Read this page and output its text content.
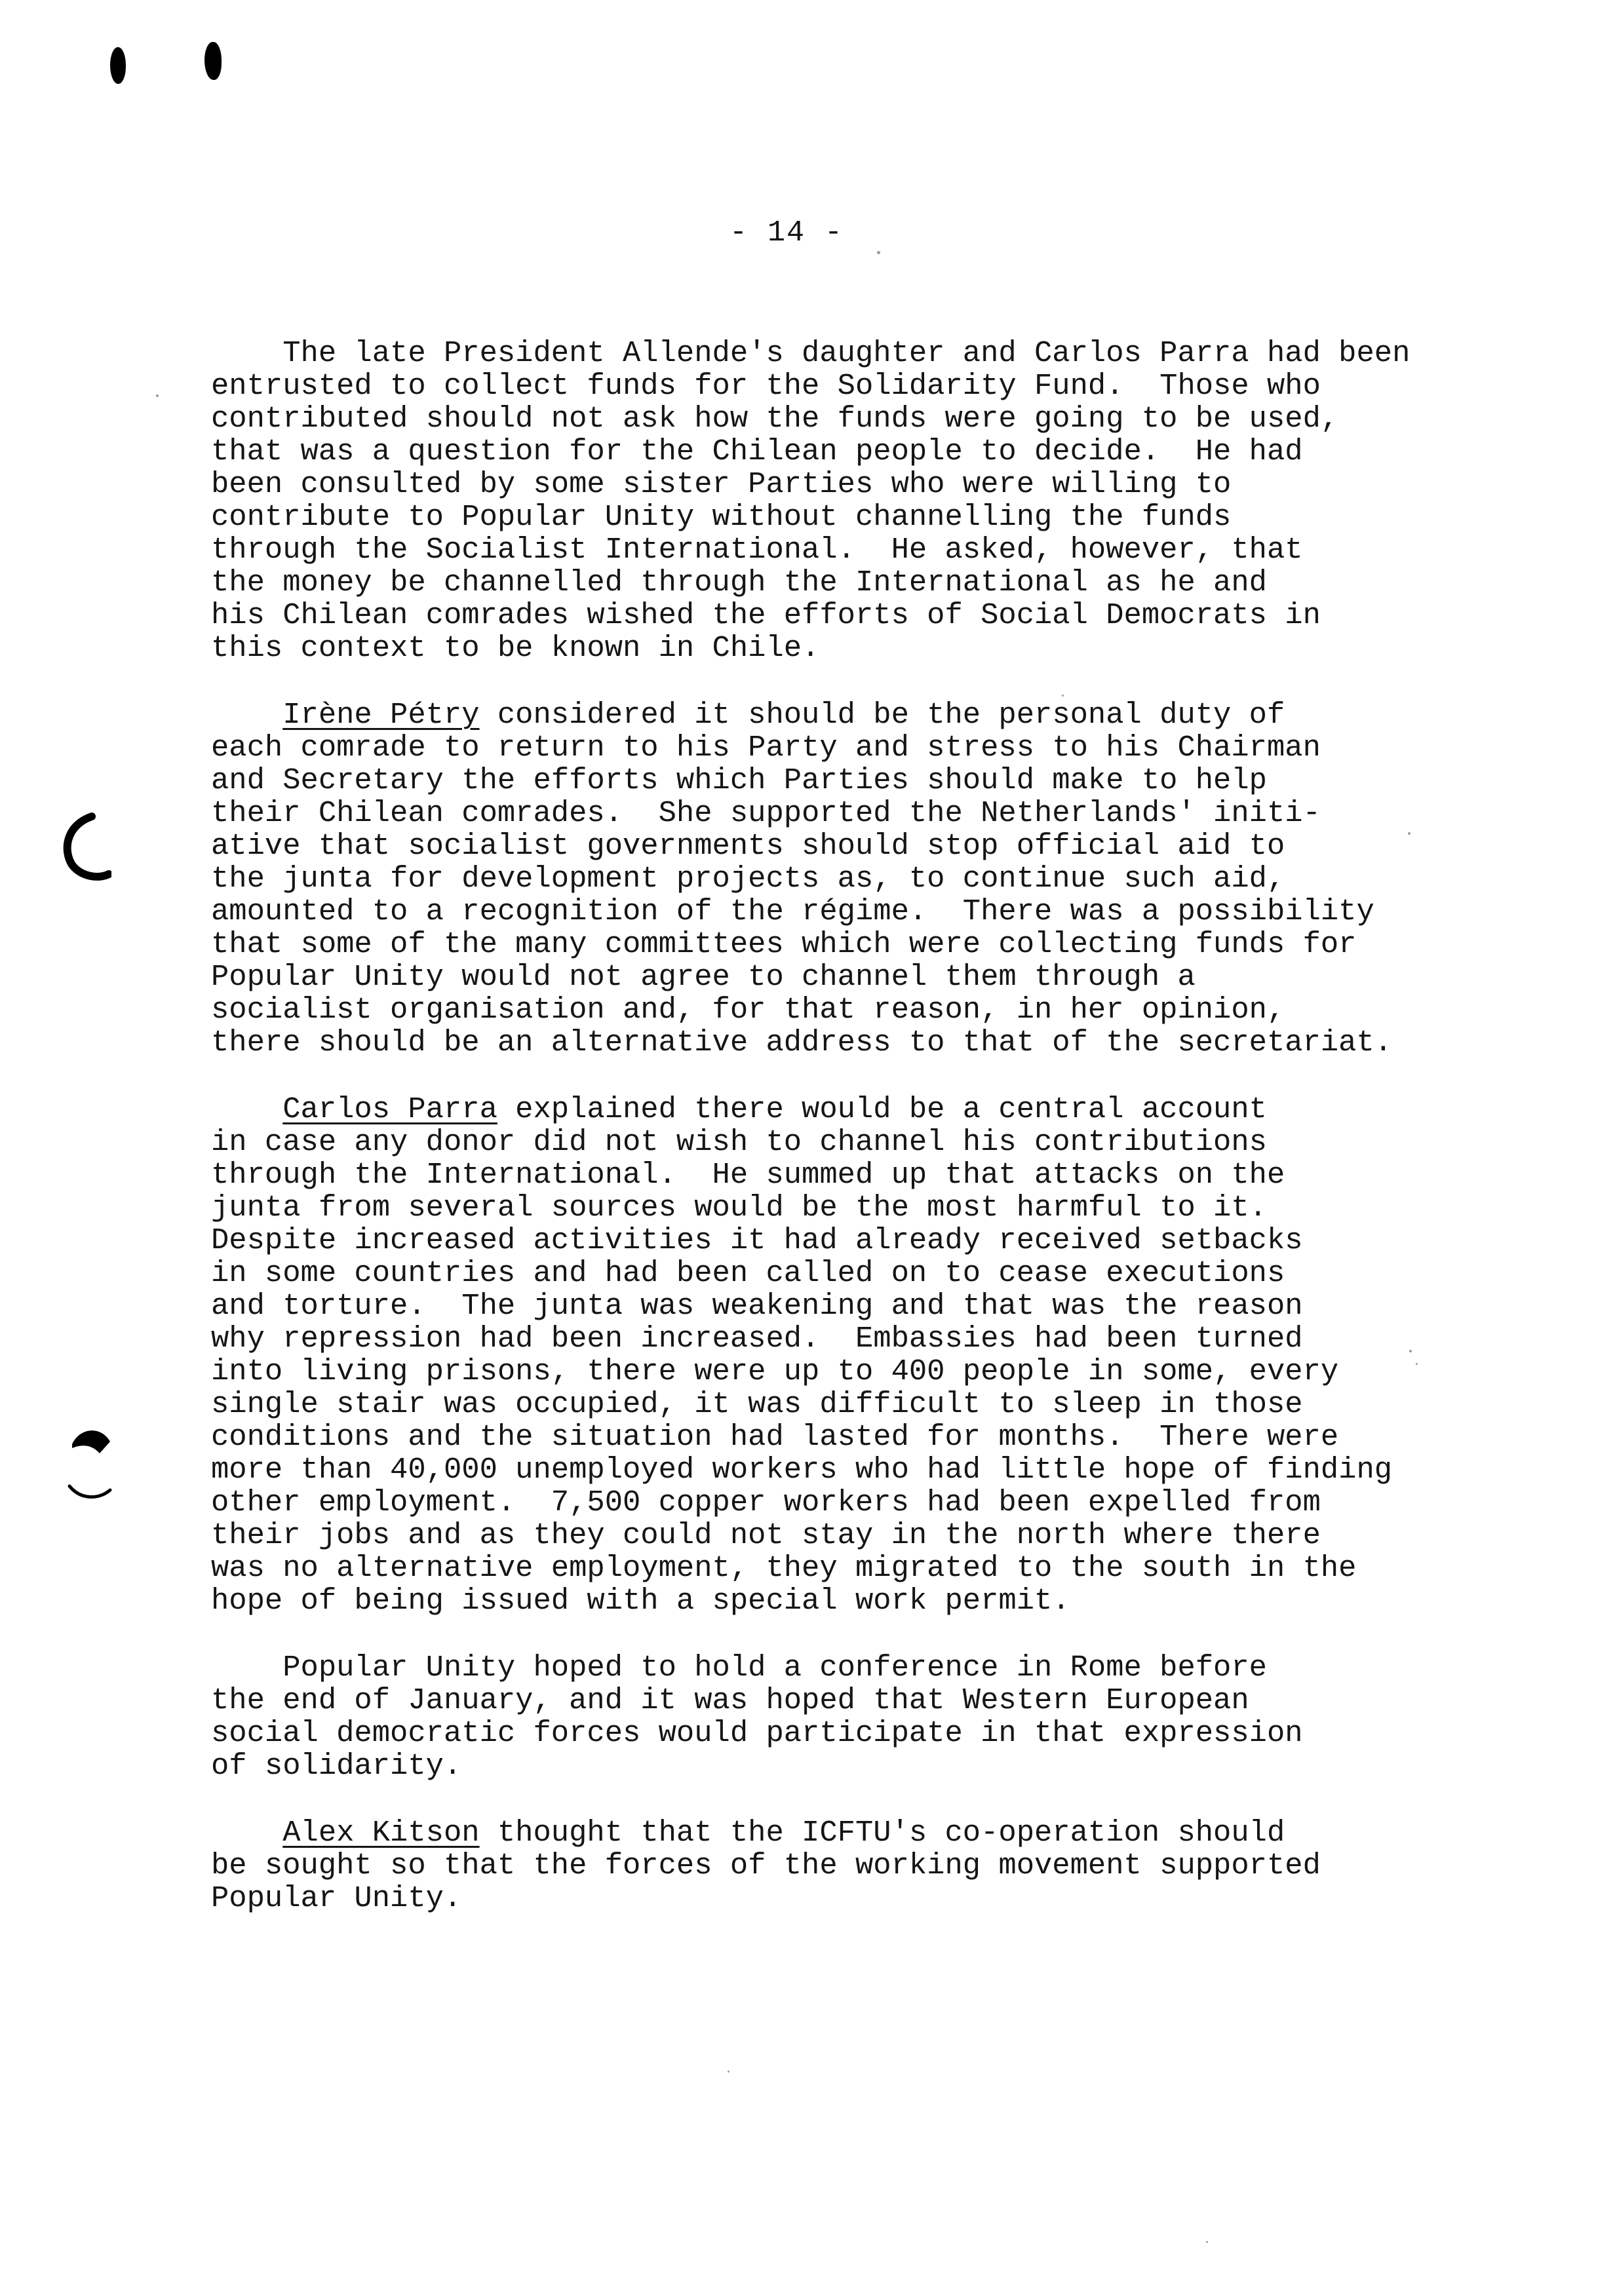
- 14 -
The late President Allende's daughter and Carlos Parra had been
entrusted to collect funds for the Solidarity Fund.  Those who
contributed should not ask how the funds were going to be used,
that was a question for the Chilean people to decide.  He had
been consulted by some sister Parties who were willing to
contribute to Popular Unity without channelling the funds
through the Socialist International.  He asked, however, that
the money be channelled through the International as he and
his Chilean comrades wished the efforts of Social Democrats in
this context to be known in Chile.
Irène Pétry considered it should be the personal duty of
each comrade to return to his Party and stress to his Chairman
and Secretary the efforts which Parties should make to help
their Chilean comrades.  She supported the Netherlands' initi-
ative that socialist governments should stop official aid to
the junta for development projects as, to continue such aid,
amounted to a recognition of the régime.  There was a possibility
that some of the many committees which were collecting funds for
Popular Unity would not agree to channel them through a
socialist organisation and, for that reason, in her opinion,
there should be an alternative address to that of the secretariat.
Carlos Parra explained there would be a central account
in case any donor did not wish to channel his contributions
through the International.  He summed up that attacks on the
junta from several sources would be the most harmful to it.
Despite increased activities it had already received setbacks
in some countries and had been called on to cease executions
and torture.  The junta was weakening and that was the reason
why repression had been increased.  Embassies had been turned
into living prisons, there were up to 400 people in some, every
single stair was occupied, it was difficult to sleep in those
conditions and the situation had lasted for months.  There were
more than 40,000 unemployed workers who had little hope of finding
other employment.  7,500 copper workers had been expelled from
their jobs and as they could not stay in the north where there
was no alternative employment, they migrated to the south in the
hope of being issued with a special work permit.
Popular Unity hoped to hold a conference in Rome before
the end of January, and it was hoped that Western European
social democratic forces would participate in that expression
of solidarity.
Alex Kitson thought that the ICFTU's co-operation should
be sought so that the forces of the working movement supported
Popular Unity.
